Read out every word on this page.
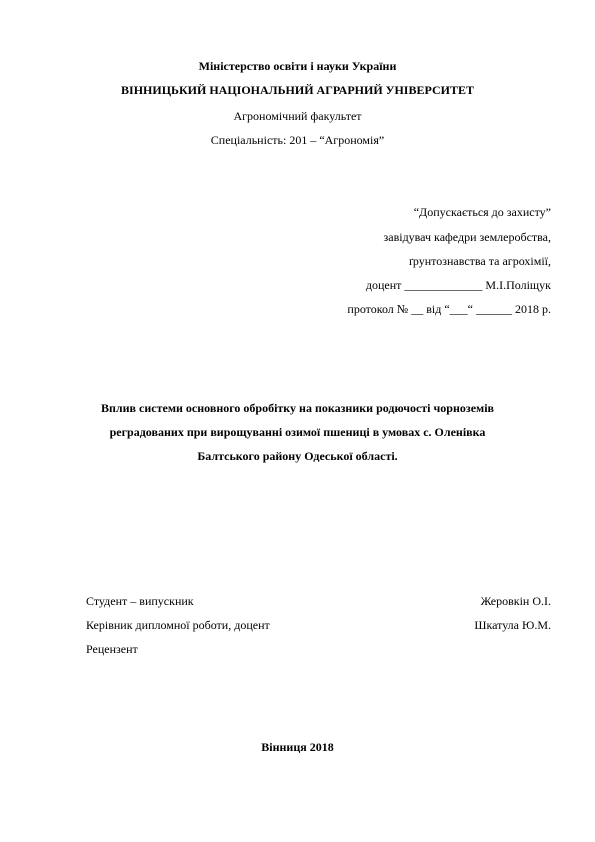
Міністерство освіти і науки України
ВІННИЦЬКИЙ НАЦІОНАЛЬНИЙ АГРАРНИЙ УНІВЕРСИТЕТ
Агрономічний факультет
Спеціальність: 201 – “Агрономія”
“Допускається до захисту”
завідувач кафедри землеробства,
ґрунтознавства та агрохімії,
доцент _____________ М.І.Поліщук
протокол № __ від “___“ ______ 2018 р.
Вплив системи основного обробітку на показники родючості чорноземів
реградованих при вирощуванні озимої пшениці в умовах с. Оленівка
Балтського району Одеської області.
Студент – випускник	Жеровкін О.І.
Керівник дипломної роботи, доцент	Шкатула Ю.М.
Рецензент
Вінниця 2018
